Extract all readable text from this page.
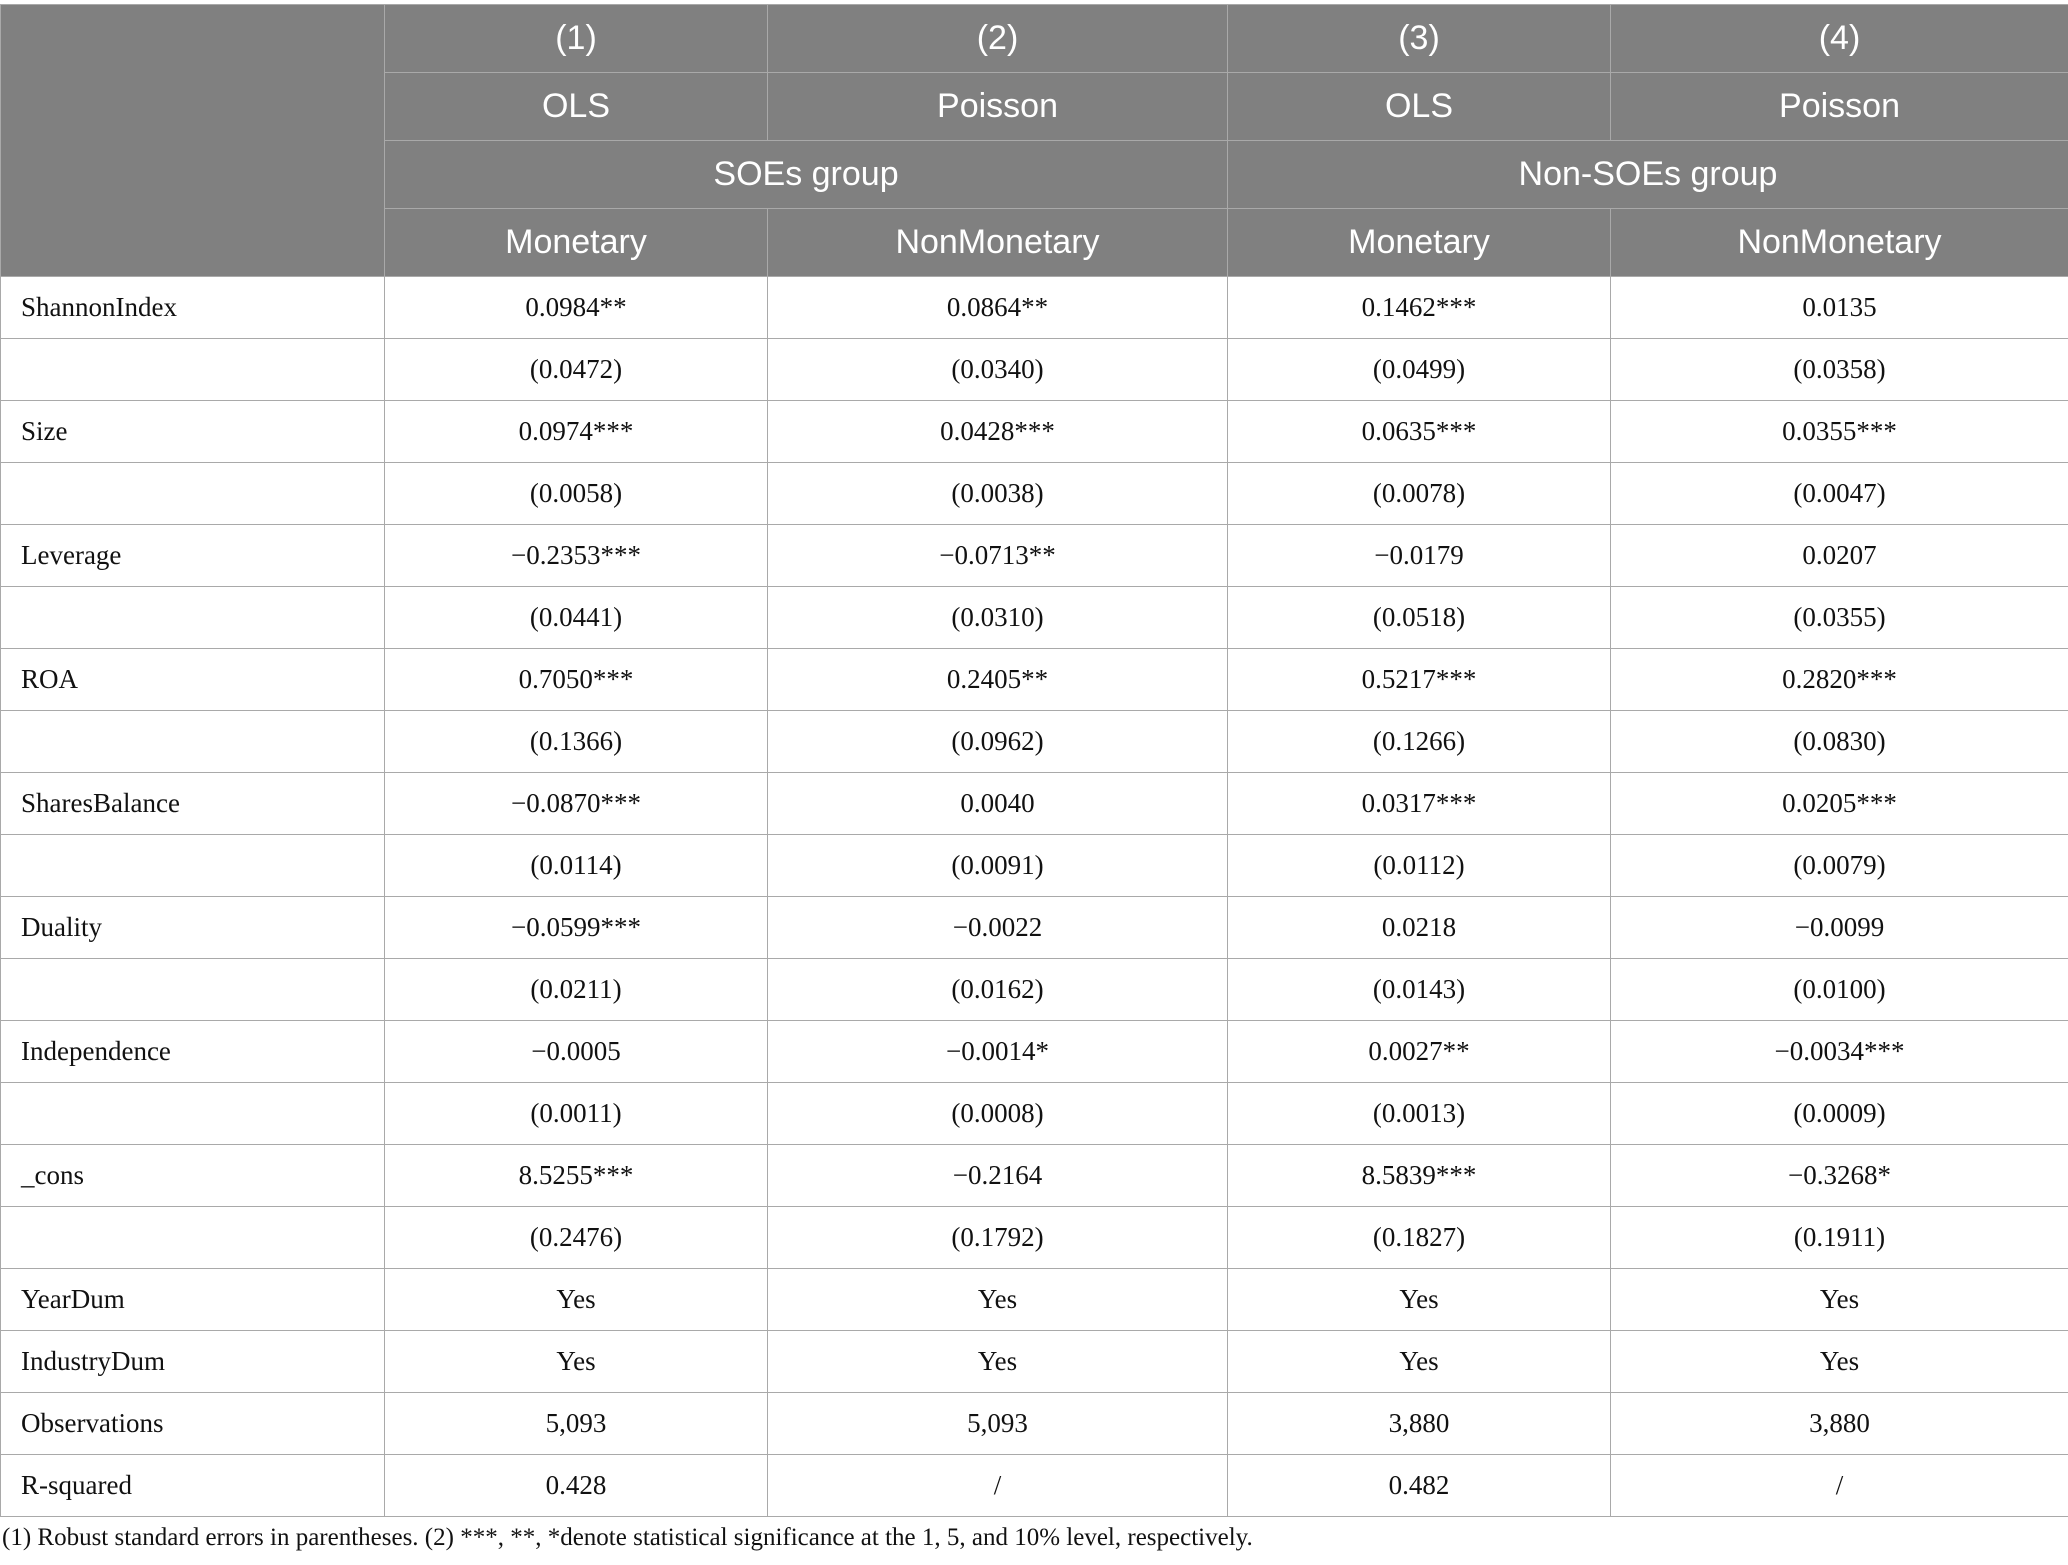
	(1)	(2)	(3)	(4)
	OLS	Poisson	OLS	Poisson
	SOEs group		Non-SOEs group	
	Monetary	NonMonetary	Monetary	NonMonetary
ShannonIndex	0.0984**	0.0864**	0.1462***	0.0135
	(0.0472)	(0.0340)	(0.0499)	(0.0358)
Size	0.0974***	0.0428***	0.0635***	0.0355***
	(0.0058)	(0.0038)	(0.0078)	(0.0047)
Leverage	−0.2353***	−0.0713**	−0.0179	0.0207
	(0.0441)	(0.0310)	(0.0518)	(0.0355)
ROA	0.7050***	0.2405**	0.5217***	0.2820***
	(0.1366)	(0.0962)	(0.1266)	(0.0830)
SharesBalance	−0.0870***	0.0040	0.0317***	0.0205***
	(0.0114)	(0.0091)	(0.0112)	(0.0079)
Duality	−0.0599***	−0.0022	0.0218	−0.0099
	(0.0211)	(0.0162)	(0.0143)	(0.0100)
Independence	−0.0005	−0.0014*	0.0027**	−0.0034***
	(0.0011)	(0.0008)	(0.0013)	(0.0009)
_cons	8.5255***	−0.2164	8.5839***	−0.3268*
	(0.2476)	(0.1792)	(0.1827)	(0.1911)
YearDum	Yes	Yes	Yes	Yes
IndustryDum	Yes	Yes	Yes	Yes
Observations	5,093	5,093	3,880	3,880
R-squared	0.428	/	0.482	/
(1) Robust standard errors in parentheses. (2) ***, **, *denote statistical significance at the 1, 5, and 10% level, respectively.
